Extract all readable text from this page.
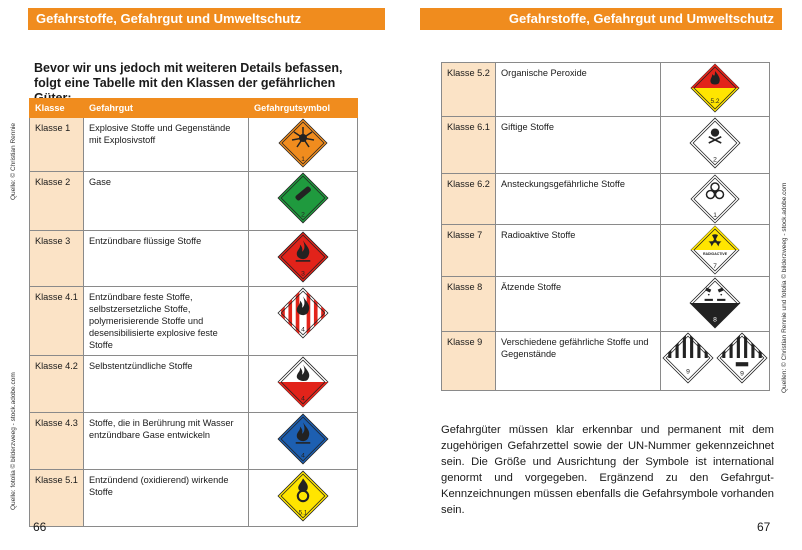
Gefahrstoffe, Gefahrgut und Umweltschutz	Gefahrstoffe, Gefahrgut und Umweltschutz
Bevor wir uns jedoch mit weiteren Details befassen, folgt eine Tabelle mit den Klassen der gefährlichen
Klasse	Gefahrgut	Gefahrgutsymbol
Klasse 1	Explosive Stoffe und Gegenstände mit Explosivstoff	1

Klasse 2	Gase	2

Klasse 3	Entzündbare flüssige Stoffe	3

Klasse 4.1	Entzündbare feste Stoffe, selbstzersetzliche Stoffe, polymerisierende Stoffe und desensibilisierte explosive feste Stoffe	4

Klasse 4.2	Selbstentzündliche Stoffe	4

Klasse 4.3	Stoffe, die in Berührung mit Wasser entzündbare Gase entwickeln	4

Klasse 5.1	Entzündend (oxidierend) wirkende Stoffe	5.1
Klasse 5.2	Organische Peroxide	5.2

Klasse 6.1	Giftige Stoffe	2

Klasse 6.2	Ansteckungsgefährliche Stoffe	1

Klasse 7	Radioaktive Stoffe	RADIOACTIVE
7

Klasse 8	Ätzende Stoffe	8

Klasse 9	Verschiedene gefährliche Stoffe und Gegenstände	9 9
Gefahrgüter müssen klar erkennbar und permanent mit dem zugehörigen Gefahrzettel sowie der UN-Nummer gekennzeichnet sein. Die Größe und Ausrichtung der Symbole ist international genormt und vorgegeben. Ergänzend zu den Gefahrgut-Kennzeichnungen müssen ebenfalls die Gefahrsymbole vorhanden sein.
Quelle: © Christian Rennie
Quelle: fotolia © bilderzweeg - stock.adobe.com
Quellen: © Christian Rennie und fotolia © bilderzweeg - stock.adobe.com
66	67
